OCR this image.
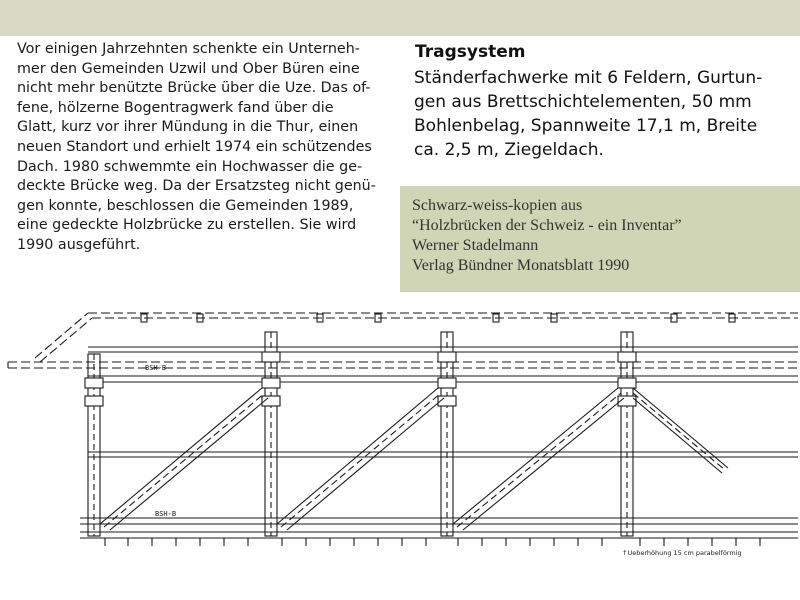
Vor einigen Jahrzehnten schenkte ein Unterneh-

mer den Gemeinden Uzwil und Ober Büren eine

nicht mehr benützte Brücke über die Uze. Das of-

fene, hölzerne Bogentragwerk fand über die

Glatt, kurz vor ihrer Mündung in die Thur, einen

neuen Standort und erhielt 1974 ein schützendes

Dach. 1980 schwemmte ein Hochwasser die ge-

deckte Brücke weg. Da der Ersatzsteg nicht genü-

gen konnte, beschlossen die Gemeinden 1989,

eine gedeckte Holzbrücke zu erstellen. Sie wird

1990 ausgeführt.

Tragsystem

Ständerfachwerke mit 6 Feldern, Gurtun-

gen aus Brettschichtelementen, 50 mm

Bohlenbelag, Spannweite 17,1 m, Breite

ca. 2,5 m, Ziegeldach.

Schwarz-weiss-kopien aus

“Holzbrücken der Schweiz - ein Inventar”

Werner Stadelmann

Verlag Bündner Monatsblatt 1990

BSH-B
BSH-B
↑Ueberhöhung 15 cm parabelförmig
